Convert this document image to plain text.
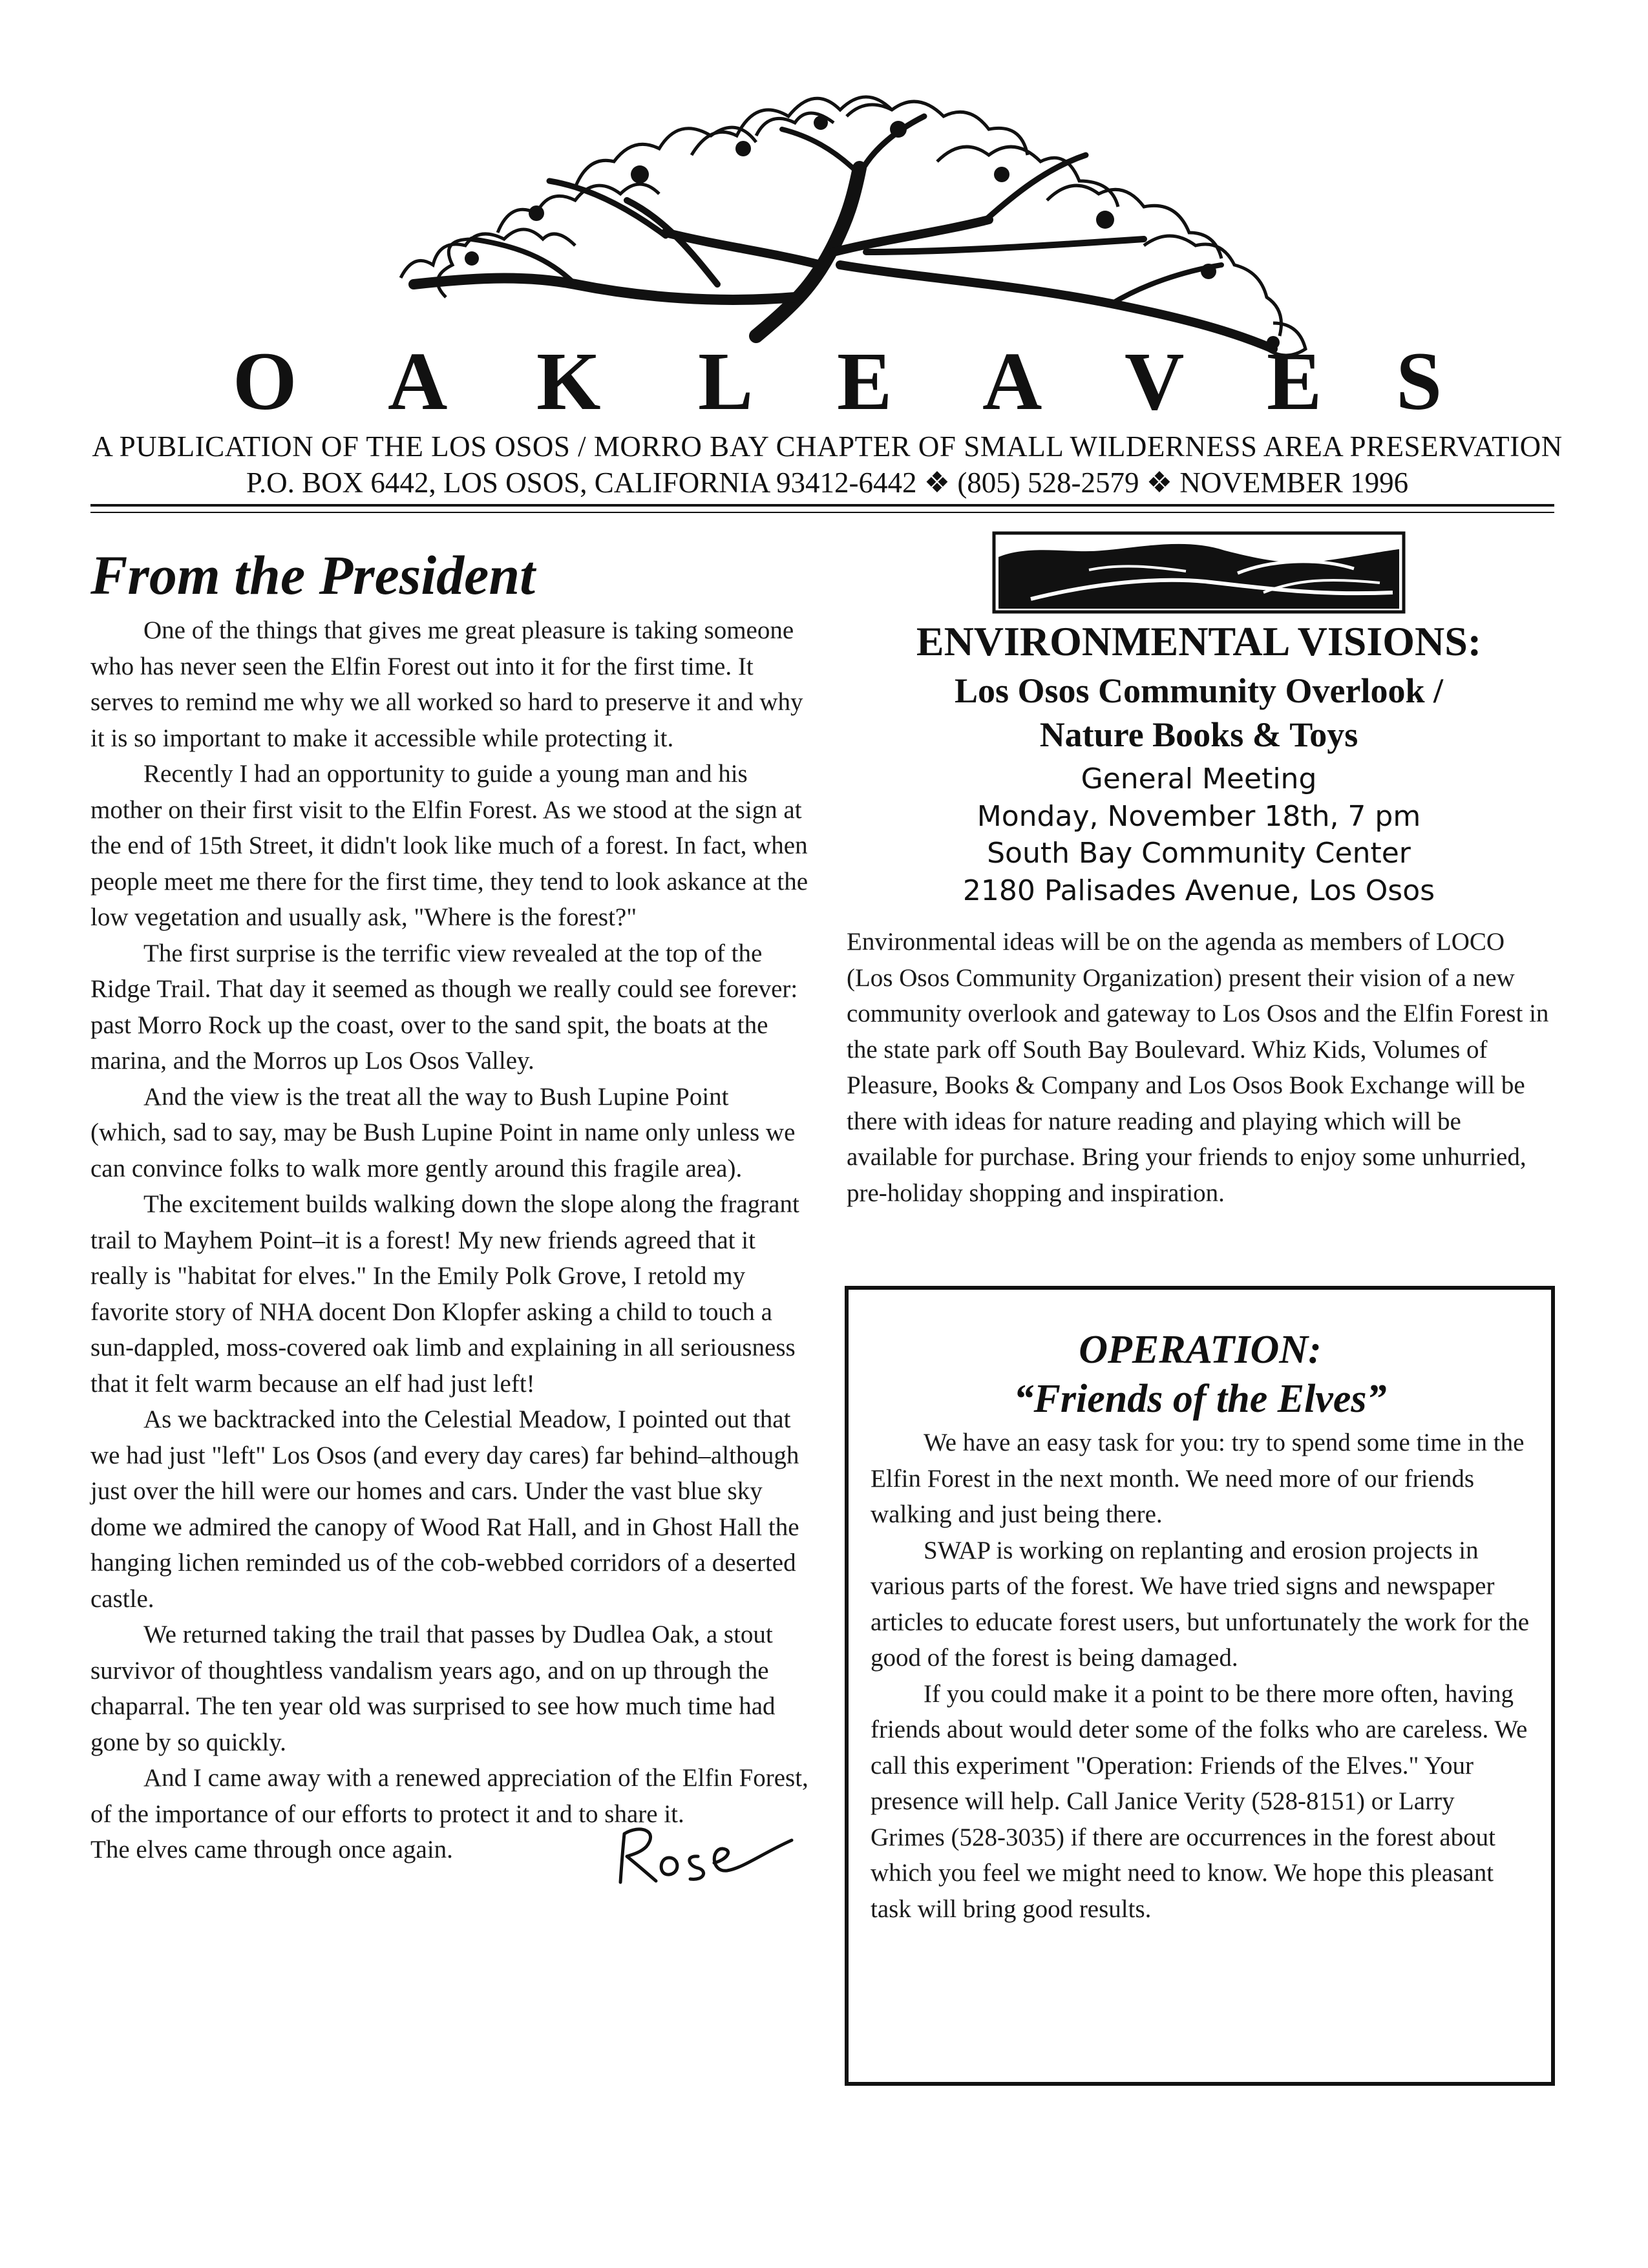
O A K L E A V E S
A PUBLICATION OF THE LOS OSOS / MORRO BAY CHAPTER OF SMALL WILDERNESS AREA PRESERVATION
P.O. BOX 6442, LOS OSOS, CALIFORNIA 93412-6442 ❖ (805) 528-2579 ❖ NOVEMBER 1996
From the President

One of the things that gives me great pleasure is taking someone who has never seen the Elfin Forest out into it for the first time. It serves to remind me why we all worked so hard to preserve it and why it is so important to make it accessible while protecting it.

Recently I had an opportunity to guide a young man and his mother on their first visit to the Elfin Forest. As we stood at the sign at the end of 15th Street, it didn't look like much of a forest. In fact, when people meet me there for the first time, they tend to look askance at the low vegetation and usually ask, "Where is the forest?"

The first surprise is the terrific view revealed at the top of the Ridge Trail. That day it seemed as though we really could see forever: past Morro Rock up the coast, over to the sand spit, the boats at the marina, and the Morros up Los Osos Valley.

And the view is the treat all the way to Bush Lupine Point (which, sad to say, may be Bush Lupine Point in name only unless we can convince folks to walk more gently around this fragile area).

The excitement builds walking down the slope along the fragrant trail to Mayhem Point–it is a forest! My new friends agreed that it really is "habitat for elves." In the Emily Polk Grove, I retold my favorite story of NHA docent Don Klopfer asking a child to touch a sun-dappled, moss-covered oak limb and explaining in all seriousness that it felt warm because an elf had just left!

As we backtracked into the Celestial Meadow, I pointed out that we had just "left" Los Osos (and every day cares) far behind–although just over the hill were our homes and cars. Under the vast blue sky dome we admired the canopy of Wood Rat Hall, and in Ghost Hall the hanging lichen reminded us of the cob-webbed corridors of a deserted castle.

We returned taking the trail that passes by Dudlea Oak, a stout survivor of thoughtless vandalism years ago, and on up through the chaparral. The ten year old was surprised to see how much time had gone by so quickly.

And I came away with a renewed appreciation of the Elfin Forest, of the importance of our efforts to protect it and to share it.

The elves came through once again.
ENVIRONMENTAL VISIONS:
Los Osos Community Overlook /
Nature Books & Toys

General Meeting

Monday, November 18th, 7 pm

South Bay Community Center

2180 Palisades Avenue, Los Osos

Environmental ideas will be on the agenda as members of LOCO (Los Osos Community Organization) present their vision of a new community overlook and gateway to Los Osos and the Elfin Forest in the state park off South Bay Boulevard. Whiz Kids, Volumes of Pleasure, Books & Company and Los Osos Book Exchange will be there with ideas for nature reading and playing which will be available for purchase. Bring your friends to enjoy some unhurried, pre-holiday shopping and inspiration.

OPERATION:
“Friends of the Elves”

We have an easy task for you: try to spend some time in the Elfin Forest in the next month. We need more of our friends walking and just being there.

SWAP is working on replanting and erosion projects in various parts of the forest. We have tried signs and newspaper articles to educate forest users, but unfortunately the work for the good of the forest is being damaged.

If you could make it a point to be there more often, having friends about would deter some of the folks who are careless. We call this experiment "Operation: Friends of the Elves." Your presence will help. Call Janice Verity (528-8151) or Larry Grimes (528-3035) if there are occurrences in the forest about which you feel we might need to know. We hope this pleasant task will bring good results.
